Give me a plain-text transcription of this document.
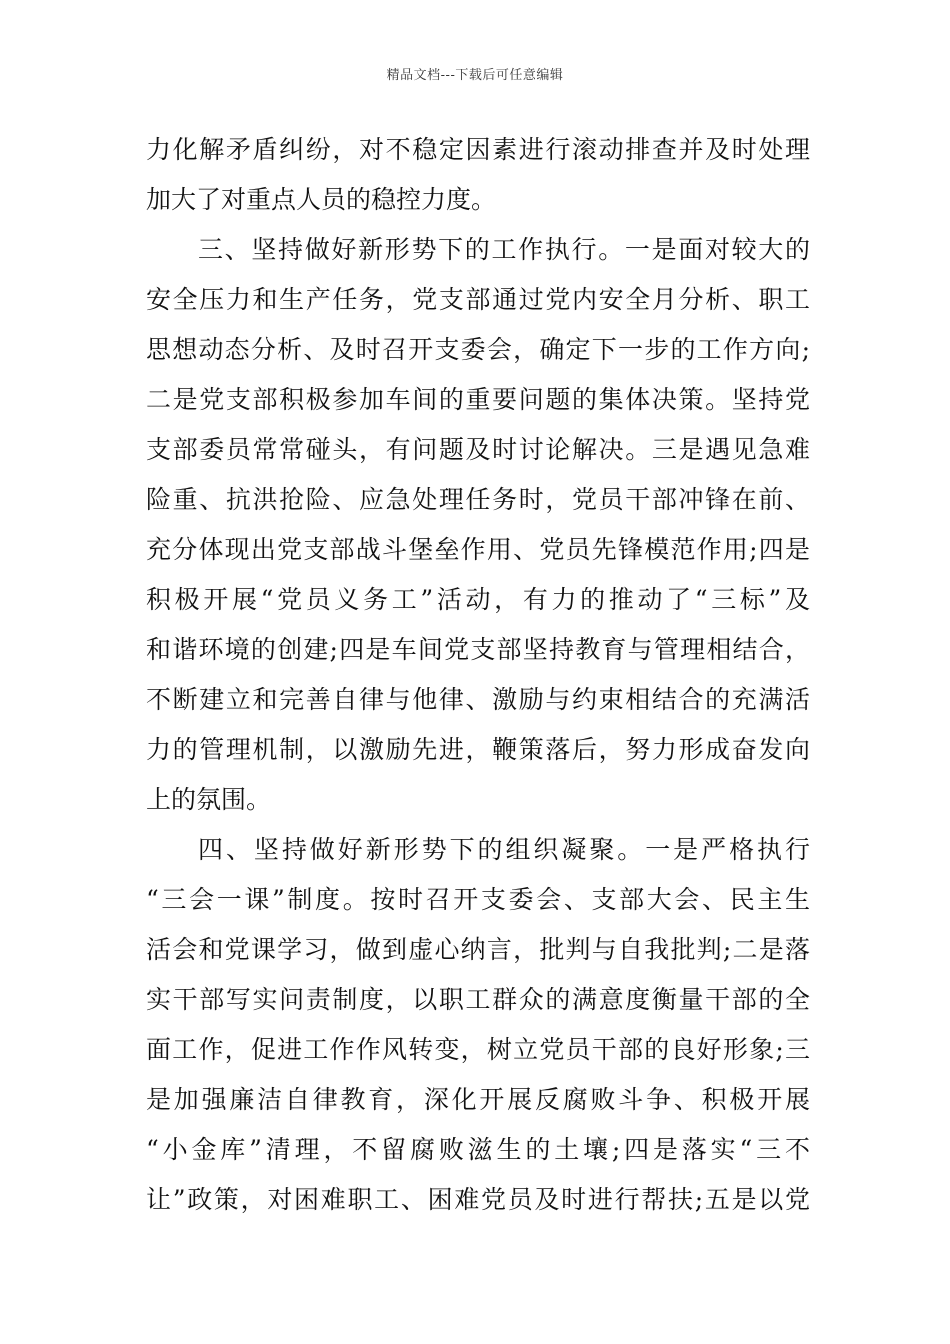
精品文档---下载后可任意编辑
力化解矛盾纠纷，对不稳定因素进行滚动排查并及时处理
加大了对重点人员的稳控力度。
三、坚持做好新形势下的工作执行。一是面对较大的
安全压力和生产任务，党支部通过党内安全月分析、职工
思想动态分析、及时召开支委会，确定下一步的工作方向;
二是党支部积极参加车间的重要问题的集体决策。坚持党
支部委员常常碰头，有问题及时讨论解决。三是遇见急难
险重、抗洪抢险、应急处理任务时，党员干部冲锋在前、
充分体现出党支部战斗堡垒作用、党员先锋模范作用;四是
积极开展“党员义务工”活动，有力的推动了“三标”及
和谐环境的创建;四是车间党支部坚持教育与管理相结合，
不断建立和完善自律与他律、激励与约束相结合的充满活
力的管理机制，以激励先进，鞭策落后，努力形成奋发向
上的氛围。
四、坚持做好新形势下的组织凝聚。一是严格执行
“三会一课”制度。按时召开支委会、支部大会、民主生
活会和党课学习，做到虚心纳言，批判与自我批判;二是落
实干部写实问责制度，以职工群众的满意度衡量干部的全
面工作，促进工作作风转变，树立党员干部的良好形象;三
是加强廉洁自律教育，深化开展反腐败斗争、积极开展
“小金库”清理，不留腐败滋生的土壤;四是落实“三不
让”政策，对困难职工、困难党员及时进行帮扶;五是以党
